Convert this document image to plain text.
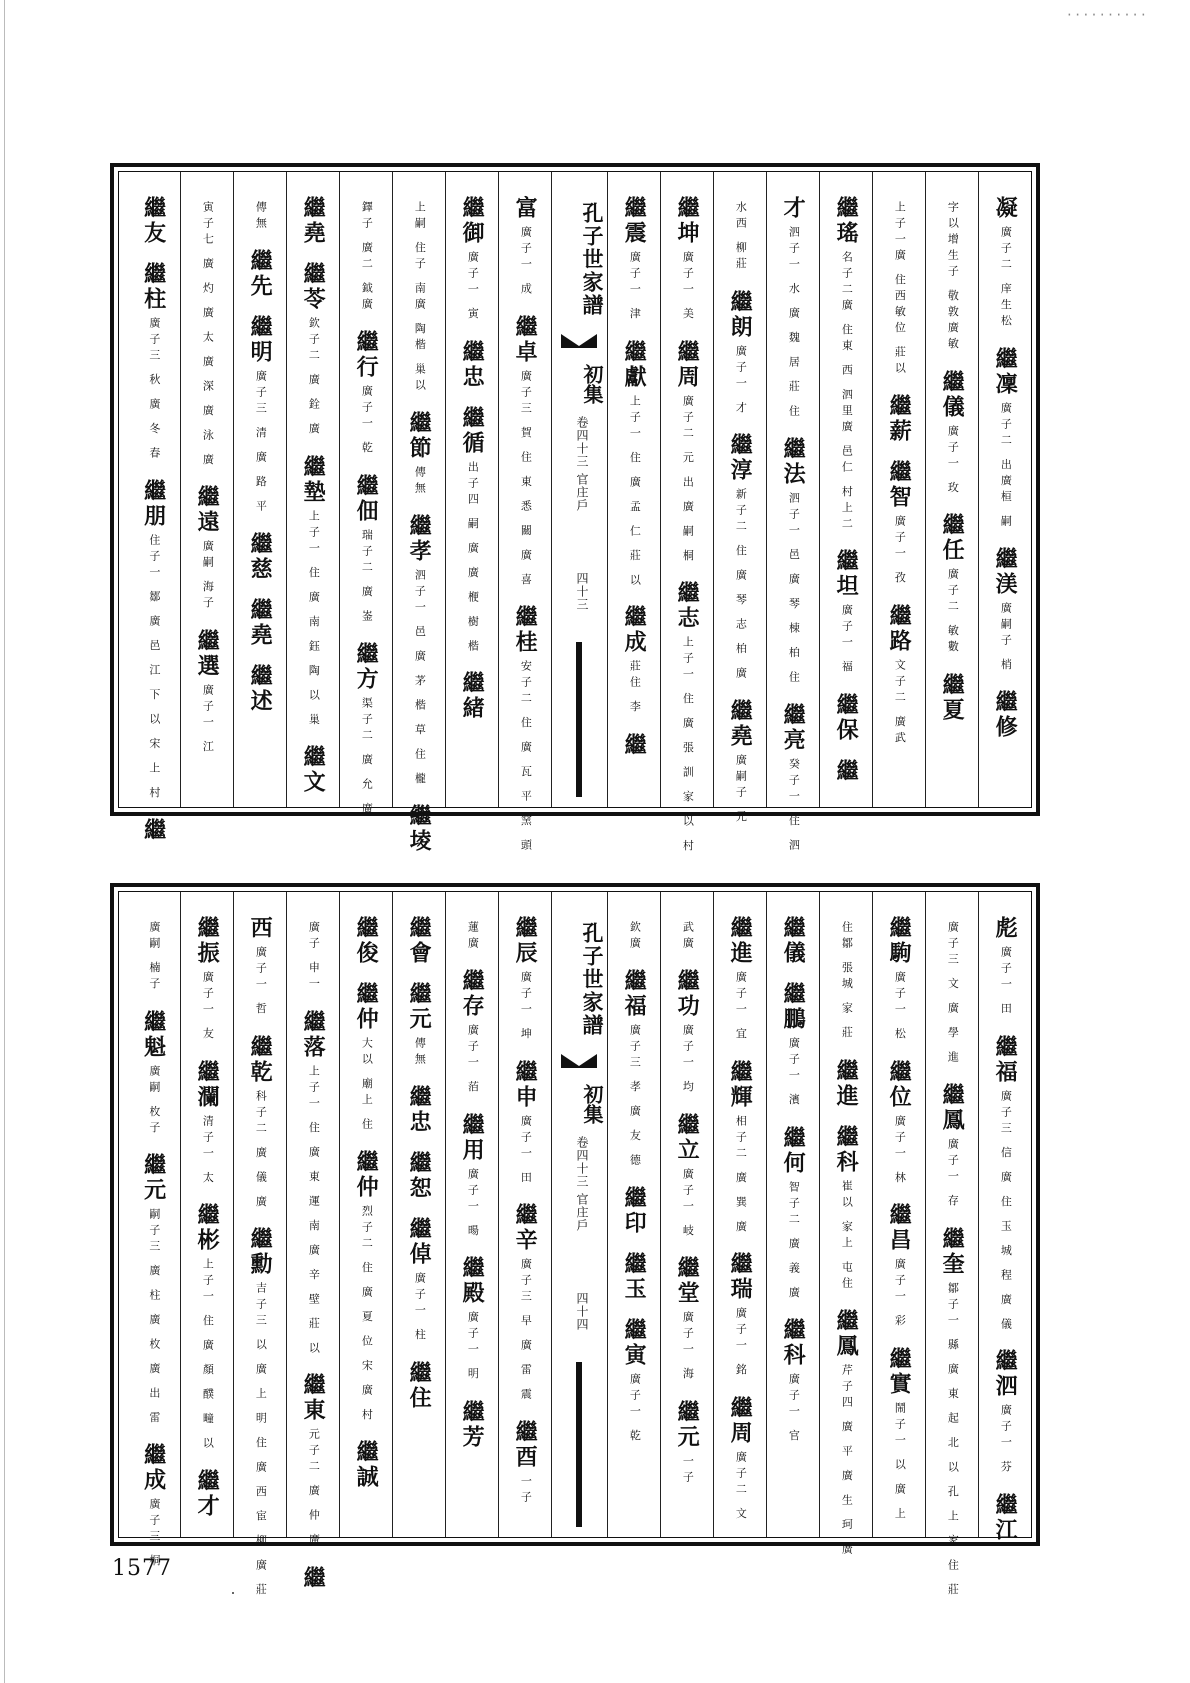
··········
凝
廣子二 庠生松
繼凜
廣子二 出廣桓 嗣
繼渼
廣嗣子 梢
繼修
字以增生子 敬敦廣敏
繼儀
廣子一 玫
繼任
廣子二 敏數
繼夏
上子一廣 住西敏位 莊以
繼薪
繼智
廣子一 孜
繼路
文子二 廣武
繼瑤
名子二廣 住東 西 泗里廣 邑仁 村上二
繼坦
廣子一 福
繼保
繼
才
泗子一 水 廣 魏 居 莊 住
繼法
泗子一 邑 廣 琴 棟 柏 住
繼亮
癸子一 住 泗
水西 柳莊
繼朗
廣子一 才
繼淳
新子二 住 廣 琴 志 柏 廣
繼堯
廣嗣子 元
繼坤
廣子一 美
繼周
廣子二 元 出 廣 嗣 桐
繼志
上子一 住 廣 張 訓 家 以 村
繼震
廣子一 津
繼獻
上子一 住 廣 孟 仁 莊 以
繼成
莊住 李
繼
孔子世家譜
初集
卷四十三 官庄戶
四十三
富
廣子一 成
繼卓
廣子三 賀 住 東 悉 關 廣 喜
繼桂
安子二 住 廣 瓦 平 窯 頭
繼御
廣子一 寅
繼忠
繼循
出子四 嗣 廣 廣 楩 樹 楷
繼緒
上嗣 住子 南廣 陶楷 巢以
繼節
傳無
繼孝
泗子一 邑 廣 茅 楷 草 住 櫳
繼堎
鐸子 廣二 鉞廣
繼行
廣子一 乾
繼佃
瑞子二 廣 崟
繼方
渠子二 廣 允 廣
繼堯
繼苓
欽子二 廣 銓 廣
繼墊
上子一 住 廣 南 鈺 陶 以 巢
繼文
傳無
繼先
繼明
廣子三 清 廣 路 平
繼慈
繼堯
繼述
寅子七 廣 灼 廣 太 廣 深 廣 泳 廣
繼遠
廣嗣 海子
繼選
廣子一 江
繼友
繼柱
廣子三 秋 廣 冬 春
繼朋
住子一 鄒 廣 邑 江 下 以 宋 上 村
繼
彪
廣子一 田
繼福
廣子三 信 廣 住 玉 城 程 廣 儀
繼泗
廣子一 芬
繼江
廣子三 文 廣 學 進
繼鳳
廣子一 存
繼奎
鄒子一 縣 廣 東 起 北 以 孔 上 家 住 莊
繼駒
廣子一 松
繼位
廣子一 林
繼昌
廣子一 彩
繼實
鬧子一 以 廣 上
住鄒 張城 家 莊
繼進
繼科
崔以 家上 屯住
繼鳳
芹子四 廣 平 廣 生 珂 廣
繼儀
繼鵬
廣子一 濱
繼何
智子二 廣 義 廣
繼科
廣子一 官
繼進
廣子一 宜
繼輝
相子二 廣 巽 廣
繼瑞
廣子一 銘
繼周
廣子二 文
武廣
繼功
廣子一 均
繼立
廣子一 岐
繼堂
廣子一 海
繼元
一子
欽廣
繼福
廣子三 孝 廣 友 德
繼印
繼玉
繼寅
廣子一 乾
孔子世家譜
初集
卷四十三 官庄戶
四十四
繼辰
廣子一 坤
繼申
廣子一 田
繼辛
廣子三 早 廣 雷 震
繼酉
一子
蓮廣
繼存
廣子一 萡
繼用
廣子一 暘
繼殿
廣子一 明
繼芳
繼會
繼元
傳無
繼忠
繼恕
繼倬
廣子一 柱
繼住
繼俊
繼仲
大以 廟上 住
繼仲
烈子二 住 廣 夏 位 宋 廣 村
繼誠
廣子 申一
繼落
上子一 住 廣 東 運 南 廣 辛 壁 莊 以
繼東
元子二 廣 仲 廣
繼
西
廣子一 哲
繼乾
科子二 廣 儀 廣
繼勳
吉子三 以 廣 上 明 住 廣 西 宦 柳 廣 莊
繼振
廣子一 友
繼瀾
清子一 太
繼彬
上子一 住 廣 顏 醭 疃 以
繼才
廣嗣 楠子
繼魁
廣嗣 枚子
繼元
嗣子三 廣 柱 廣 枚 廣 出 雷
繼成
廣子三 桐
1577
